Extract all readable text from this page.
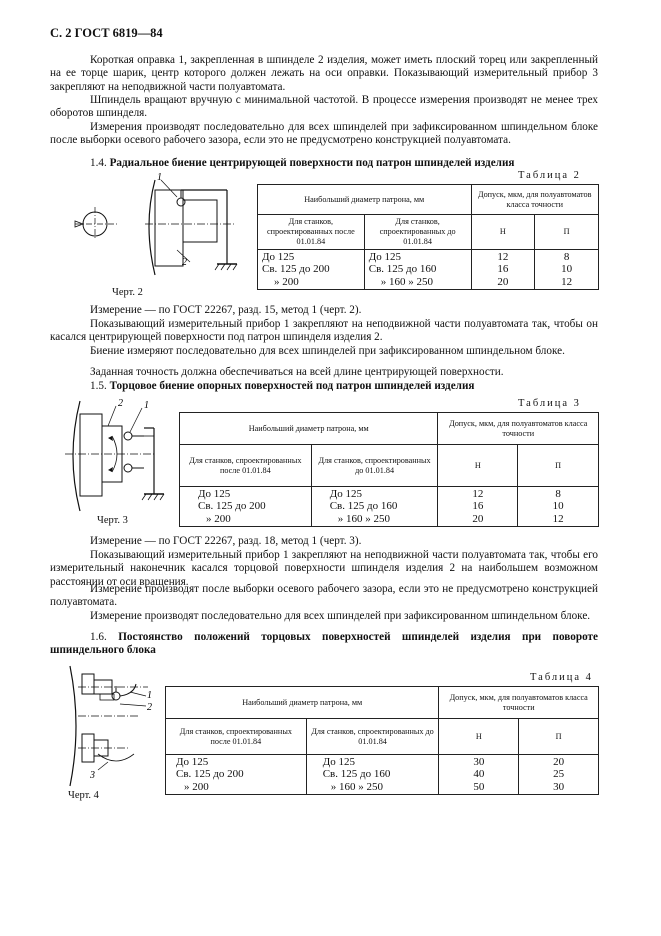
С. 2 ГОСТ 6819—84
Короткая оправка 1, закрепленная в шпинделе 2 изделия, может иметь плоский торец или закрепленный на ее торце шарик, центр которого должен лежать на оси оправки. Показывающий измерительный прибор 3 закрепляют на неподвижной части полуавтомата.
Шпиндель вращают вручную с минимальной частотой. В процессе измерения производят не менее трех оборотов шпинделя.
Измерения производят последовательно для всех шпинделей при зафиксированном шпиндельном блоке после выборки осевого рабочего зазора, если это не предусмотрено конструкцией полуавтомата.
1.4. Радиальное биение центрирующей поверхности под патрон шпинделей изделия
1
2
Черт. 2
Таблица 2
Наибольший диаметр патрона, мм		Допуск, мкм, для полуавтоматов класса точности	
Для станков, спроектированных после 01.01.84	Для станков, спроектированных до 01.01.84	Н	П

До 125	До 125	12	8

Св. 125 до 200	Св. 125 до 160	16	10

» 200	» 160 » 250	20	12
Измерение — по ГОСТ 22267, разд. 15, метод 1 (черт. 2).
Показывающий измерительный прибор 1 закрепляют на неподвижной части полуавтомата так, чтобы он касался центрирующей поверхности под патрон шпинделя изделия 2.
Биение измеряют последовательно для всех шпинделей при зафиксированном шпиндельном блоке.
Заданная точность должна обеспечиваться на всей длине центрирующей поверхности.
1.5. Торцовое биение опорных поверхностей под патрон шпинделей изделия
2 1
Черт. 3
Таблица 3
Наибольший диаметр патрона, мм		Допуск, мкм, для полуавтоматов класса точности	
Для станков, спроектированных после 01.01.84	Для станков, спроектированных до 01.01.84	Н	П

До 125	До 125	12	8

Св. 125 до 200	Св. 125 до 160	16	10

» 200	» 160 » 250	20	12
Измерение — по ГОСТ 22267, разд. 18, метод 1 (черт. 3).
Показывающий измерительный прибор 1 закрепляют на неподвижной части полуавтомата так, чтобы его измерительный наконечник касался торцовой поверхности шпинделя изделия 2 на наибольшем возможном расстоянии от оси вращения.
Измерение производят после выборки осевого рабочего зазора, если это не предусмотрено конструкцией полуавтомата.
Измерение производят последовательно для всех шпинделей при зафиксированном шпиндельном блоке.
1.6. Постоянство положений торцовых поверхностей шпинделей изделия при повороте шпиндельного блока
1
2
3
Черт. 4
Таблица 4
Наибольший диаметр патрона, мм		Допуск, мкм, для полуавтоматов класса точности	
Для станков, спроектированных после 01.01.84	Для станков, спроектированных до 01.01.84	Н	П

До 125	До 125	30	20

Св. 125 до 200	Св. 125 до 160	40	25

» 200	» 160 » 250	50	30
